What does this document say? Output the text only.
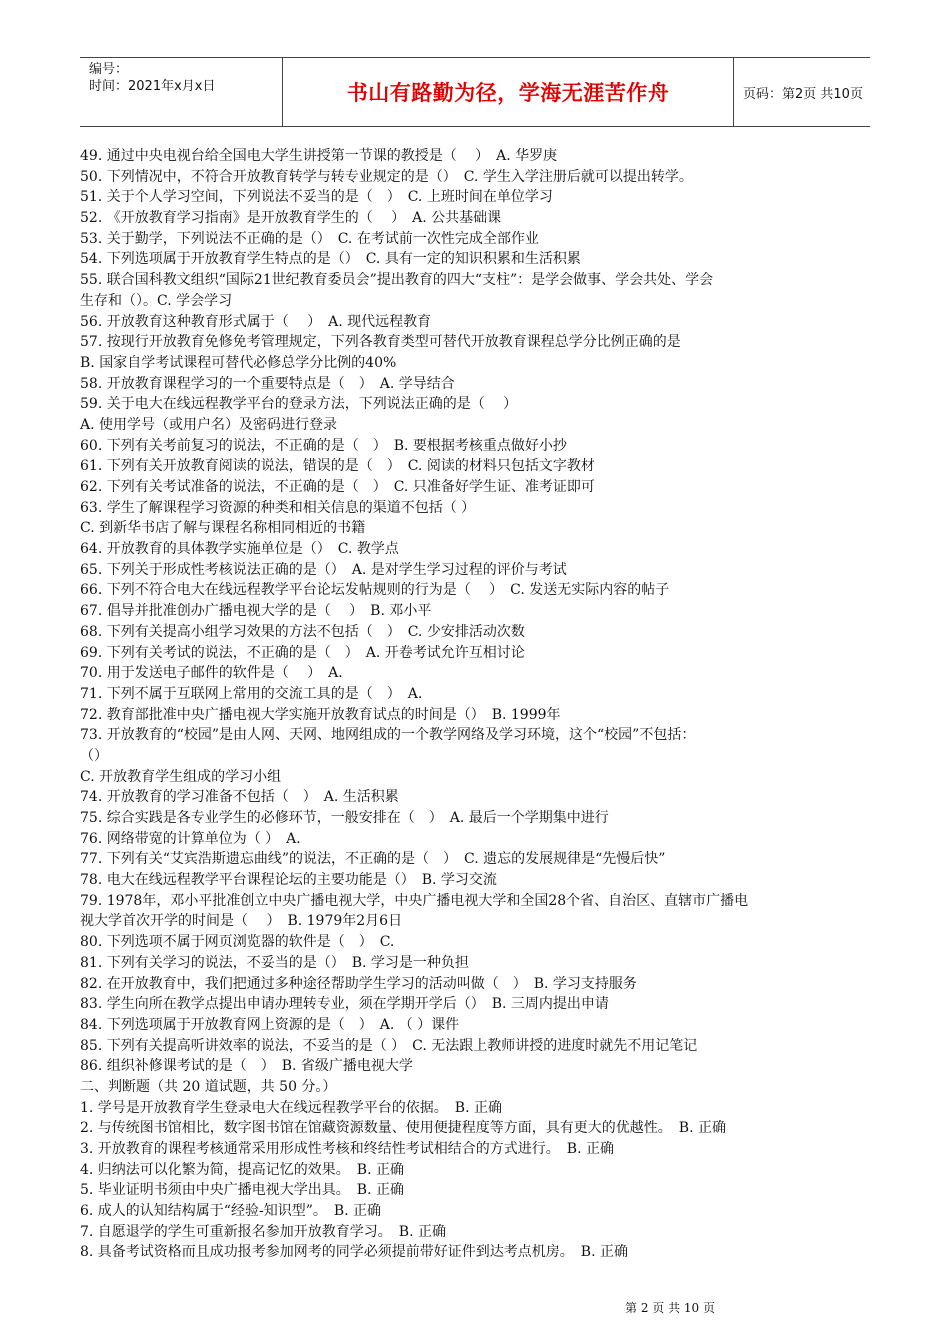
编号：
时间：2021年x月x日	书山有路勤为径，学海无涯苦作舟	页码：第2页 共10页
49. 通过中央电视台给全国电大学生讲授第一节课的教授是（　 ）　A. 华罗庚
50. 下列情况中，不符合开放教育转学与转专业规定的是（）　C. 学生入学注册后就可以提出转学。
51. 关于个人学习空间，下列说法不妥当的是（　）　C. 上班时间在单位学习
52. 《开放教育学习指南》是开放教育学生的（　 ）　A. 公共基础课
53. 关于勤学，下列说法不正确的是（）　C. 在考试前一次性完成全部作业
54. 下列选项属于开放教育学生特点的是（）　C. 具有一定的知识积累和生活积累
55. 联合国科教文组织“国际21世纪教育委员会”提出教育的四大“支柱”：是学会做事、学会共处、学会
生存和（）。C. 学会学习
56. 开放教育这种教育形式属于（　 ）　A. 现代远程教育
57. 按现行开放教育免修免考管理规定，下列各教育类型可替代开放教育课程总学分比例正确的是
B. 国家自学考试课程可替代必修总学分比例的40%
58. 开放教育课程学习的一个重要特点是（　）　A. 学导结合
59. 关于电大在线远程教学平台的登录方法，下列说法正确的是（　 ）
A. 使用学号（或用户名）及密码进行登录
60. 下列有关考前复习的说法，不正确的是（　）　B. 要根据考核重点做好小抄
61. 下列有关开放教育阅读的说法，错误的是（　）　C. 阅读的材料只包括文字教材
62. 下列有关考试准备的说法，不正确的是（　）　C. 只准备好学生证、准考证即可
63. 学生了解课程学习资源的种类和相关信息的渠道不包括（ ）
C. 到新华书店了解与课程名称相同相近的书籍
64. 开放教育的具体教学实施单位是（）　C. 教学点
65. 下列关于形成性考核说法正确的是（）　A. 是对学生学习过程的评价与考试
66. 下列不符合电大在线远程教学平台论坛发帖规则的行为是（　 ）　C. 发送无实际内容的帖子
67. 倡导并批准创办广播电视大学的是（　 ）　B. 邓小平
68. 下列有关提高小组学习效果的方法不包括（　）　C. 少安排活动次数
69. 下列有关考试的说法，不正确的是（　）　A. 开卷考试允许互相讨论
70. 用于发送电子邮件的软件是（　 ）　A.
71. 下列不属于互联网上常用的交流工具的是（　）　A.
72. 教育部批准中央广播电视大学实施开放教育试点的时间是（）　B. 1999年
73. 开放教育的“校园”是由人网、天网、地网组成的一个教学网络及学习环境，这个“校园”不包括：
（）
C. 开放教育学生组成的学习小组
74. 开放教育的学习准备不包括（　）　A. 生活积累
75. 综合实践是各专业学生的必修环节，一般安排在（　）　A. 最后一个学期集中进行
76. 网络带宽的计算单位为（ ）　A.
77. 下列有关“艾宾浩斯遗忘曲线”的说法，不正确的是（　）　C. 遗忘的发展规律是“先慢后快”
78. 电大在线远程教学平台课程论坛的主要功能是（）　B. 学习交流
79. 1978年，邓小平批准创立中央广播电视大学，中央广播电视大学和全国28个省、自治区、直辖市广播电
视大学首次开学的时间是（　 ）　B. 1979年2月6日
80. 下列选项不属于网页浏览器的软件是（　）　C.
81. 下列有关学习的说法，不妥当的是（）　B. 学习是一种负担
82. 在开放教育中，我们把通过多种途径帮助学生学习的活动叫做（　）　B. 学习支持服务
83. 学生向所在教学点提出申请办理转专业，须在学期开学后（）　B. 三周内提出申请
84. 下列选项属于开放教育网上资源的是（　）　A. （ ）课件
85. 下列有关提高听讲效率的说法，不妥当的是（ ）　C. 无法跟上教师讲授的进度时就先不用记笔记
86. 组织补修课考试的是（　）　B. 省级广播电视大学
二、判断题（共 20 道试题，共 50 分。）
1. 学号是开放教育学生登录电大在线远程教学平台的依据。　B. 正确
2. 与传统图书馆相比，数字图书馆在馆藏资源数量、使用便捷程度等方面，具有更大的优越性。　B. 正确
3. 开放教育的课程考核通常采用形成性考核和终结性考试相结合的方式进行。　B. 正确
4. 归纳法可以化繁为简，提高记忆的效果。　B. 正确
5. 毕业证明书须由中央广播电视大学出具。　B. 正确
6. 成人的认知结构属于“经验-知识型”。　B. 正确
7. 自愿退学的学生可重新报名参加开放教育学习。　B. 正确
8. 具备考试资格而且成功报考参加网考的同学必须提前带好证件到达考点机房。　B. 正确
第 2 页 共 10 页
